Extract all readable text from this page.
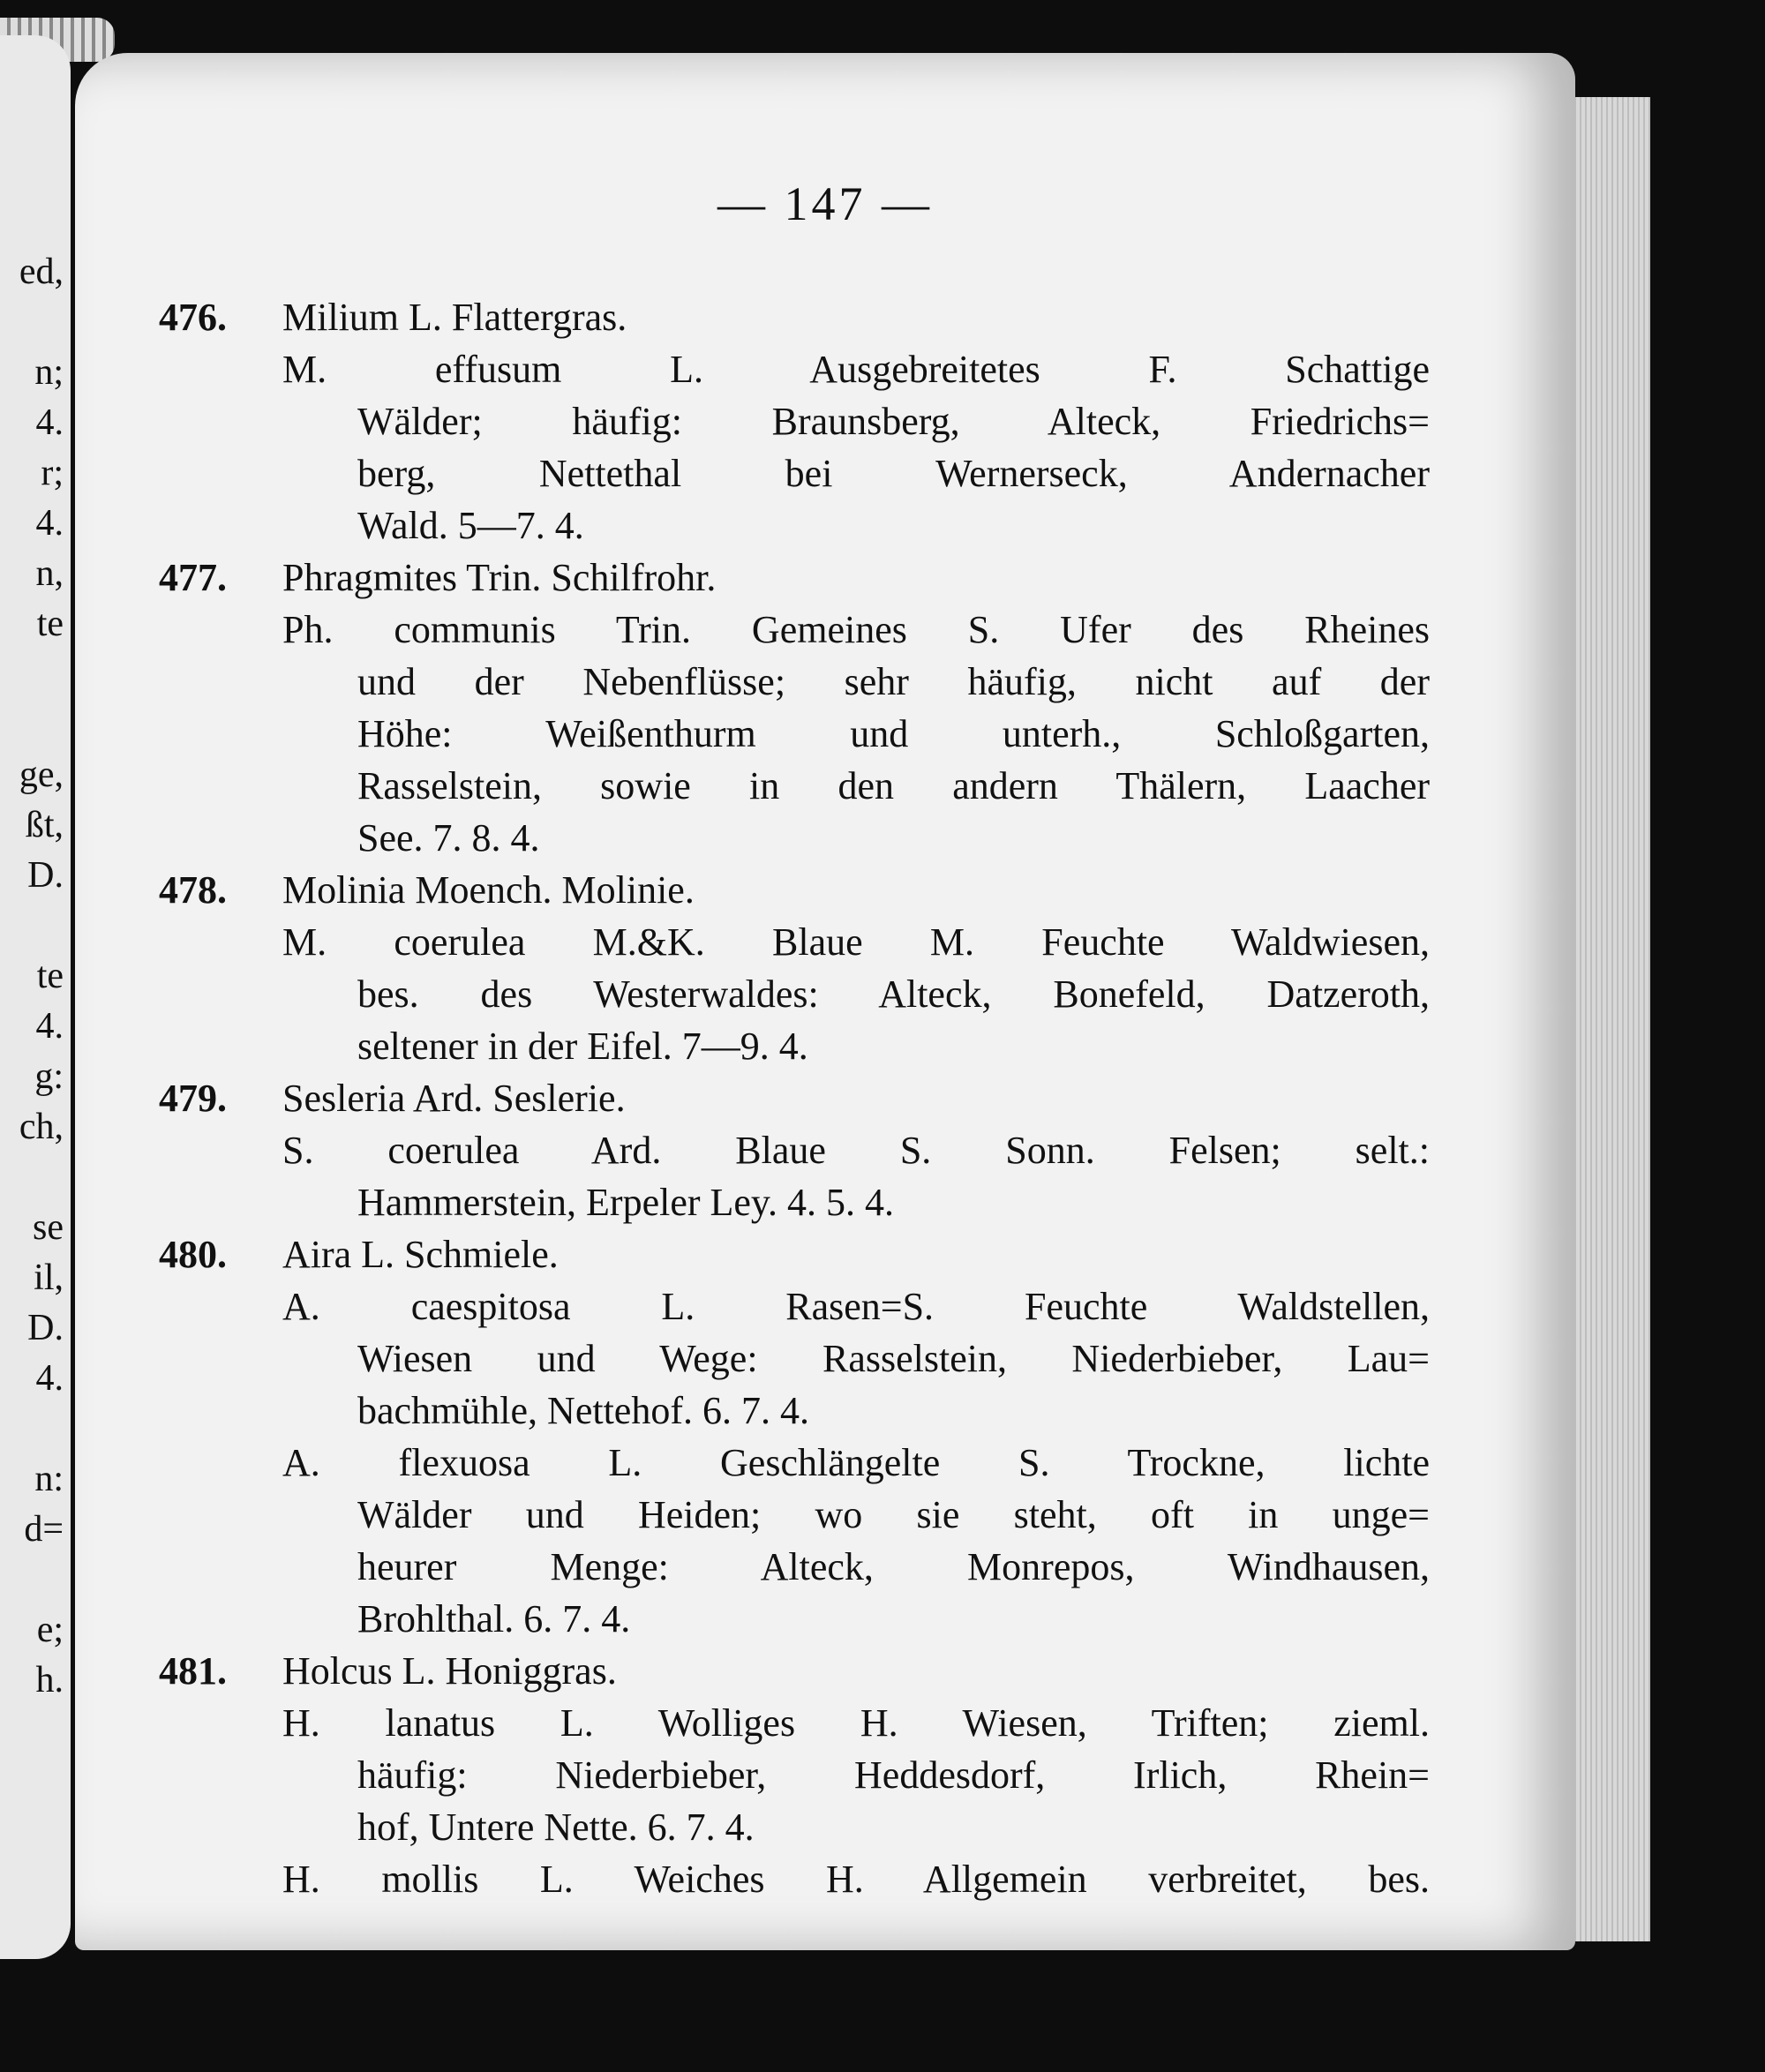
ed,
n;
4.
r;
4.
n,
te
ge,
ßt,
D.
te
4.
g:
ch,
se
il,
D.
4.
n:
d=
e;
h.
— 147 —
476. Milium L. Flattergras.
M. effusum L. Ausgebreitetes F. Schattige
Wälder; häufig: Braunsberg, Alteck, Friedrichs=
berg, Nettethal bei Wernerseck, Andernacher
Wald. 5—7. 4.
477. Phragmites Trin. Schilfrohr.
Ph. communis Trin. Gemeines S. Ufer des Rheines
und der Nebenflüsse; sehr häufig, nicht auf der
Höhe: Weißenthurm und unterh., Schloßgarten,
Rasselstein, sowie in den andern Thälern, Laacher
See. 7. 8. 4.
478. Molinia Moench. Molinie.
M. coerulea M.&K. Blaue M. Feuchte Waldwiesen,
bes. des Westerwaldes: Alteck, Bonefeld, Datzeroth,
seltener in der Eifel. 7—9. 4.
479. Sesleria Ard. Seslerie.
S. coerulea Ard. Blaue S. Sonn. Felsen; selt.:
Hammerstein, Erpeler Ley. 4. 5. 4.
480. Aira L. Schmiele.
A. caespitosa L. Rasen=S. Feuchte Waldstellen,
Wiesen und Wege: Rasselstein, Niederbieber, Lau=
bachmühle, Nettehof. 6. 7. 4.
A. flexuosa L. Geschlängelte S. Trockne, lichte
Wälder und Heiden; wo sie steht, oft in unge=
heurer Menge: Alteck, Monrepos, Windhausen,
Brohlthal. 6. 7. 4.
481. Holcus L. Honiggras.
H. lanatus L. Wolliges H. Wiesen, Triften; zieml.
häufig: Niederbieber, Heddesdorf, Irlich, Rhein=
hof, Untere Nette. 6. 7. 4.
H. mollis L. Weiches H. Allgemein verbreitet, bes.
